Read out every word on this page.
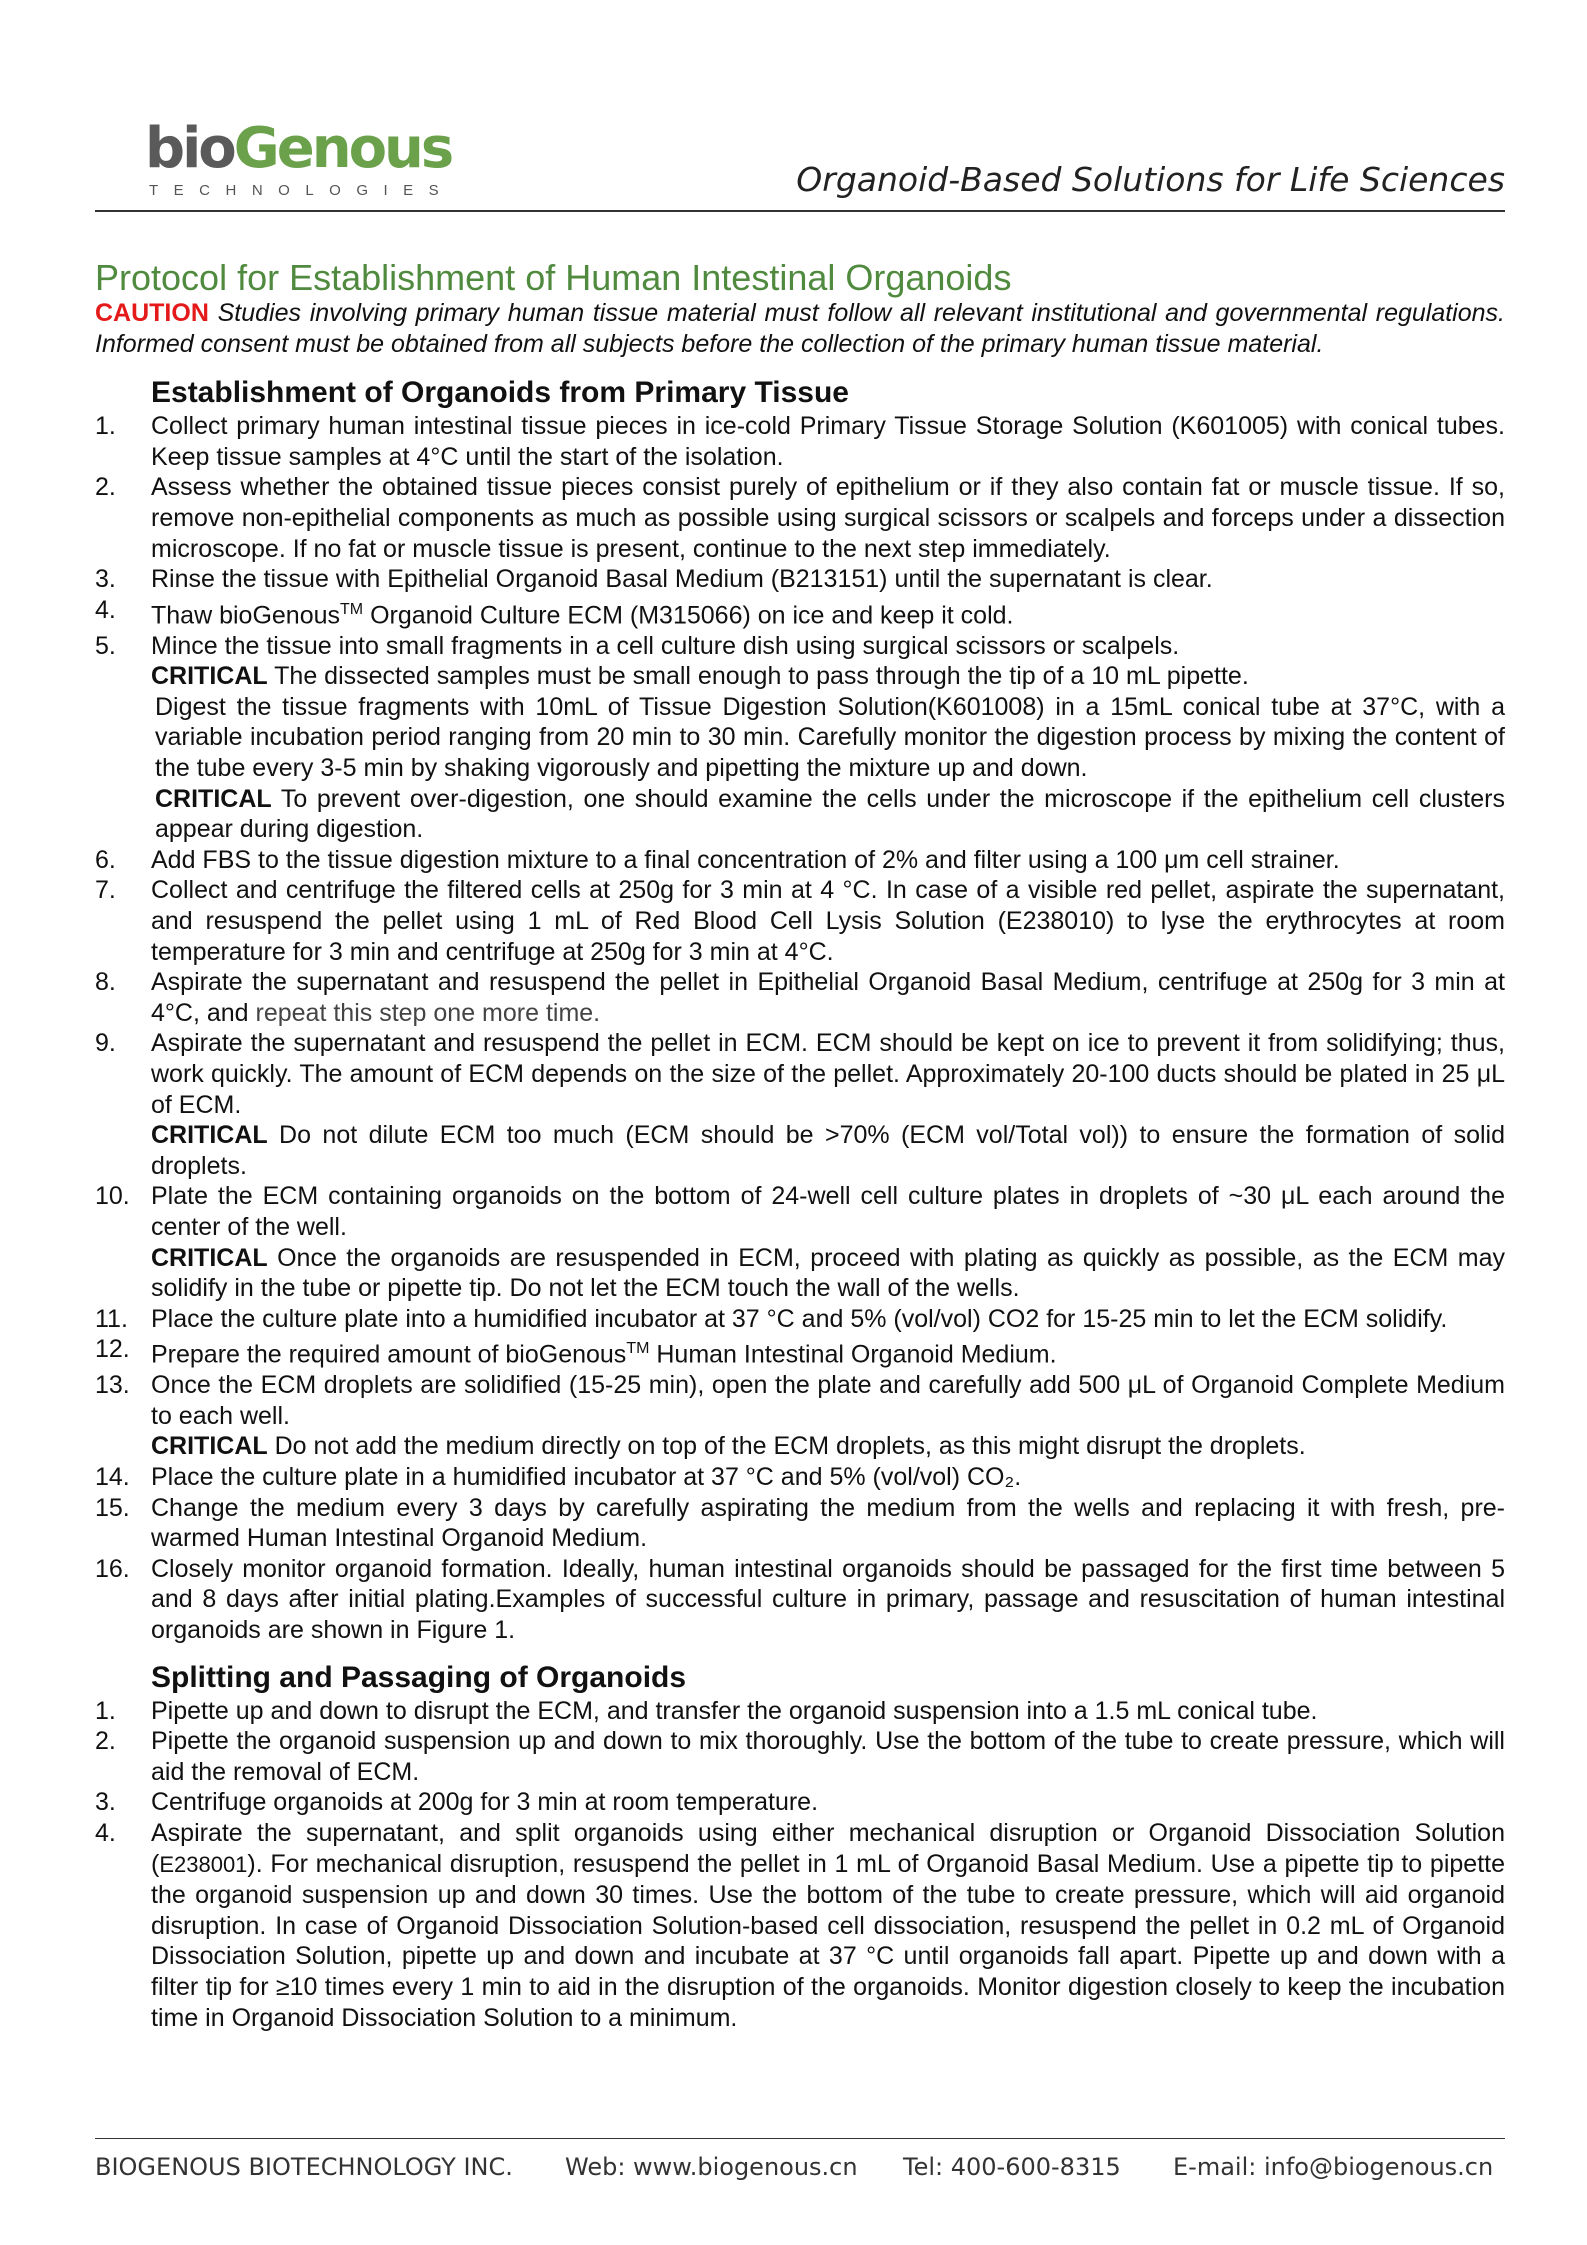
bioGenous
TECHNOLOGIES	Organoid-Based Solutions for Life Sciences
Protocol for Establishment of Human Intestinal Organoids

CAUTION Studies involving primary human tissue material must follow all relevant institutional and governmental regulations. Informed consent must be obtained from all subjects before the collection of the primary human tissue material.

Establishment of Organoids from Primary Tissue
1. Collect primary human intestinal tissue pieces in ice-cold Primary Tissue Storage Solution (K601005) with conical tubes. Keep tissue samples at 4°C until the start of the isolation.
2. Assess whether the obtained tissue pieces consist purely of epithelium or if they also contain fat or muscle tissue. If so, remove non-epithelial components as much as possible using surgical scissors or scalpels and forceps under a dissection microscope. If no fat or muscle tissue is present, continue to the next step immediately.
3. Rinse the tissue with Epithelial Organoid Basal Medium (B213151) until the supernatant is clear.
4. Thaw bioGenous™ Organoid Culture ECM (M315066) on ice and keep it cold.
5. Mince the tissue into small fragments in a cell culture dish using surgical scissors or scalpels.
CRITICAL The dissected samples must be small enough to pass through the tip of a 10 mL pipette.
Digest the tissue fragments with 10mL of Tissue Digestion Solution(K601008) in a 15mL conical tube at 37°C, with a variable incubation period ranging from 20 min to 30 min. Carefully monitor the digestion process by mixing the content of the tube every 3-5 min by shaking vigorously and pipetting the mixture up and down.
CRITICAL To prevent over-digestion, one should examine the cells under the microscope if the epithelium cell clusters appear during digestion.
6. Add FBS to the tissue digestion mixture to a final concentration of 2% and filter using a 100 μm cell strainer.
7. Collect and centrifuge the filtered cells at 250g for 3 min at 4 °C. In case of a visible red pellet, aspirate the supernatant, and resuspend the pellet using 1 mL of Red Blood Cell Lysis Solution (E238010) to lyse the erythrocytes at room temperature for 3 min and centrifuge at 250g for 3 min at 4°C.
8. Aspirate the supernatant and resuspend the pellet in Epithelial Organoid Basal Medium, centrifuge at 250g for 3 min at 4°C, and repeat this step one more time.
9. Aspirate the supernatant and resuspend the pellet in ECM. ECM should be kept on ice to prevent it from solidifying; thus, work quickly. The amount of ECM depends on the size of the pellet. Approximately 20-100 ducts should be plated in 25 μL of ECM.
CRITICAL Do not dilute ECM too much (ECM should be >70% (ECM vol/Total vol)) to ensure the formation of solid droplets.
10. Plate the ECM containing organoids on the bottom of 24-well cell culture plates in droplets of ~30 μL each around the center of the well.
CRITICAL Once the organoids are resuspended in ECM, proceed with plating as quickly as possible, as the ECM may solidify in the tube or pipette tip. Do not let the ECM touch the wall of the wells.
11. Place the culture plate into a humidified incubator at 37 °C and 5% (vol/vol) CO2 for 15-25 min to let the ECM solidify.
12. Prepare the required amount of bioGenous™ Human Intestinal Organoid Medium.
13. Once the ECM droplets are solidified (15-25 min), open the plate and carefully add 500 μL of Organoid Complete Medium to each well.
CRITICAL Do not add the medium directly on top of the ECM droplets, as this might disrupt the droplets.
14. Place the culture plate in a humidified incubator at 37 °C and 5% (vol/vol) CO₂.
15. Change the medium every 3 days by carefully aspirating the medium from the wells and replacing it with fresh, pre-warmed Human Intestinal Organoid Medium.
16. Closely monitor organoid formation. Ideally, human intestinal organoids should be passaged for the first time between 5 and 8 days after initial plating.Examples of successful culture in primary, passage and resuscitation of human intestinal organoids are shown in Figure 1.
Splitting and Passaging of Organoids
1. Pipette up and down to disrupt the ECM, and transfer the organoid suspension into a 1.5 mL conical tube.
2. Pipette the organoid suspension up and down to mix thoroughly. Use the bottom of the tube to create pressure, which will aid the removal of ECM.
3. Centrifuge organoids at 200g for 3 min at room temperature.
4. Aspirate the supernatant, and split organoids using either mechanical disruption or Organoid Dissociation Solution (E238001). For mechanical disruption, resuspend the pellet in 1 mL of Organoid Basal Medium. Use a pipette tip to pipette the organoid suspension up and down 30 times. Use the bottom of the tube to create pressure, which will aid organoid disruption. In case of Organoid Dissociation Solution-based cell dissociation, resuspend the pellet in 0.2 mL of Organoid Dissociation Solution, pipette up and down and incubate at 37 °C until organoids fall apart. Pipette up and down with a filter tip for ≥10 times every 1 min to aid in the disruption of the organoids. Monitor digestion closely to keep the incubation time in Organoid Dissociation Solution to a minimum.
BIOGENOUS BIOTECHNOLOGY INC. Web: www.biogenous.cn Tel: 400-600-8315 E-mail: info@biogenous.cn
